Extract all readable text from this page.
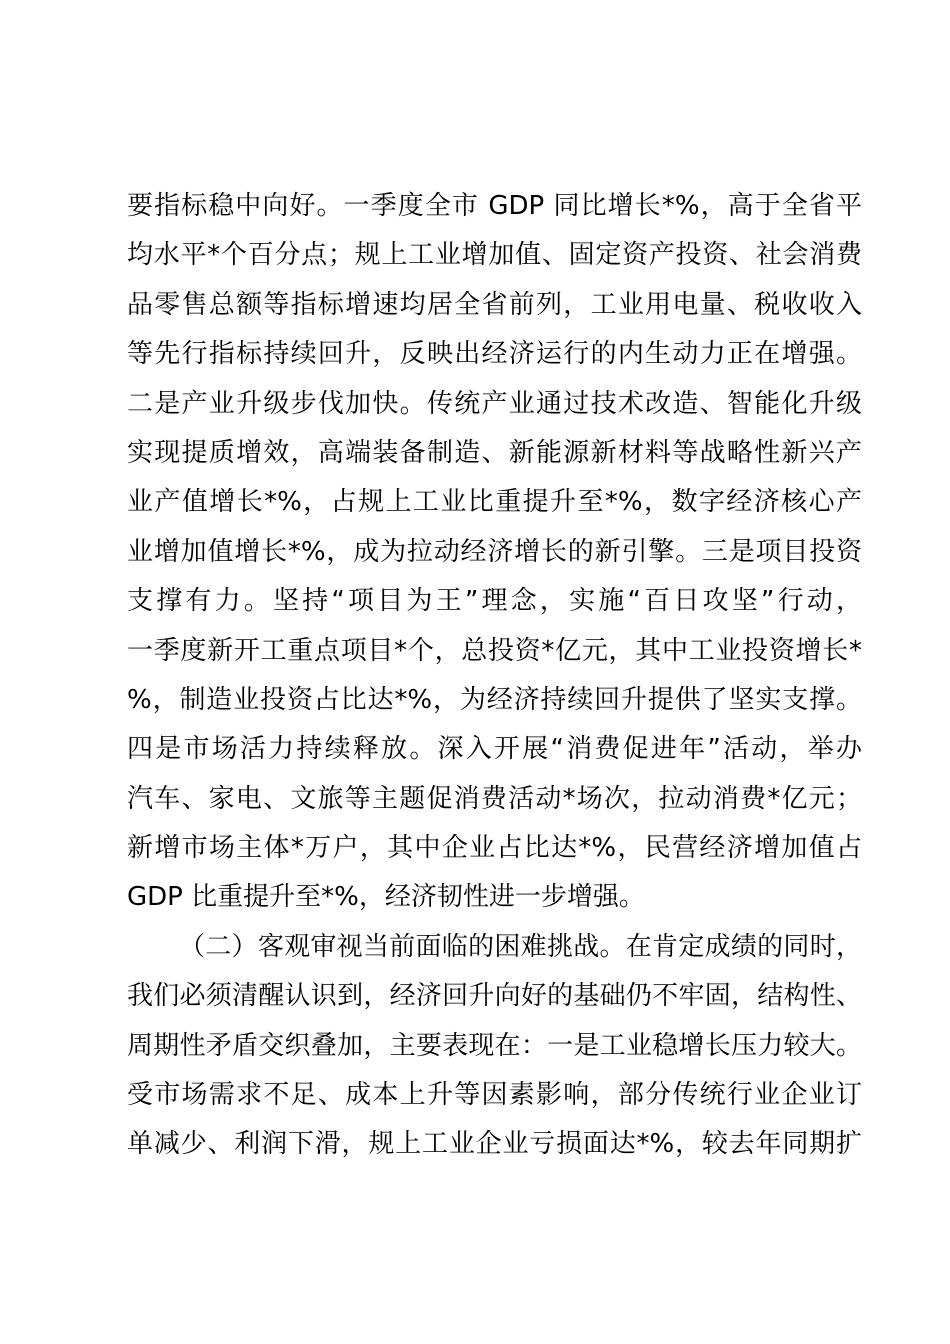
要指标稳中向好。一季度全市 GDP 同比增长*%，高于全省平
均水平*个百分点；规上工业增加值、固定资产投资、社会消费
品零售总额等指标增速均居全省前列，工业用电量、税收收入
等先行指标持续回升，反映出经济运行的内生动力正在增强。
二是产业升级步伐加快。传统产业通过技术改造、智能化升级
实现提质增效，高端装备制造、新能源新材料等战略性新兴产
业产值增长*%，占规上工业比重提升至*%，数字经济核心产
业增加值增长*%，成为拉动经济增长的新引擎。三是项目投资
支撑有力。坚持“项目为王”理念，实施“百日攻坚”行动，
一季度新开工重点项目*个，总投资*亿元，其中工业投资增长*
%，制造业投资占比达*%，为经济持续回升提供了坚实支撑。
四是市场活力持续释放。深入开展“消费促进年”活动，举办
汽车、家电、文旅等主题促消费活动*场次，拉动消费*亿元；
新增市场主体*万户，其中企业占比达*%，民营经济增加值占
GDP 比重提升至*%，经济韧性进一步增强。
（二）客观审视当前面临的困难挑战。在肯定成绩的同时，
我们必须清醒认识到，经济回升向好的基础仍不牢固，结构性、
周期性矛盾交织叠加，主要表现在：一是工业稳增长压力较大。
受市场需求不足、成本上升等因素影响，部分传统行业企业订
单减少、利润下滑，规上工业企业亏损面达*%，较去年同期扩
